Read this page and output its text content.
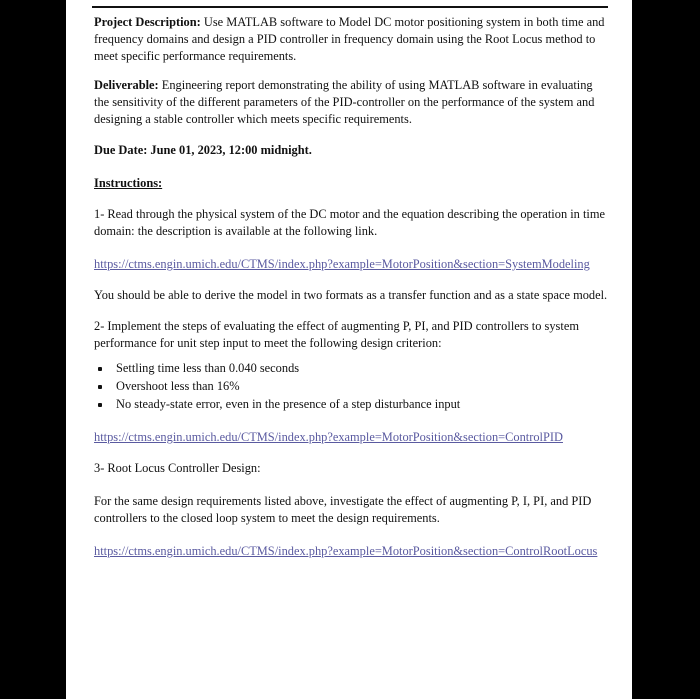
Project Description: Use MATLAB software to Model DC motor positioning system in both time and frequency domains and design a PID controller in frequency domain using the Root Locus method to meet specific performance requirements.

Deliverable: Engineering report demonstrating the ability of using MATLAB software in evaluating the sensitivity of the different parameters of the PID-controller on the performance of the system and designing a stable controller which meets specific requirements.

Due Date: June 01, 2023, 12:00 midnight.

Instructions:

1- Read through the physical system of the DC motor and the equation describing the operation in time domain: the description is available at the following link.

https://ctms.engin.umich.edu/CTMS/index.php?example=MotorPosition&section=SystemModeling

You should be able to derive the model in two formats as a transfer function and as a state space model.

2- Implement the steps of evaluating the effect of augmenting P, PI, and PID controllers to system performance for unit step input to meet the following design criterion:

Settling time less than 0.040 seconds
Overshoot less than 16%
No steady-state error, even in the presence of a step disturbance input
https://ctms.engin.umich.edu/CTMS/index.php?example=MotorPosition&section=ControlPID

3- Root Locus Controller Design:

For the same design requirements listed above, investigate the effect of augmenting P, I, PI, and PID controllers to the closed loop system to meet the design requirements.

https://ctms.engin.umich.edu/CTMS/index.php?example=MotorPosition&section=ControlRootLocus
